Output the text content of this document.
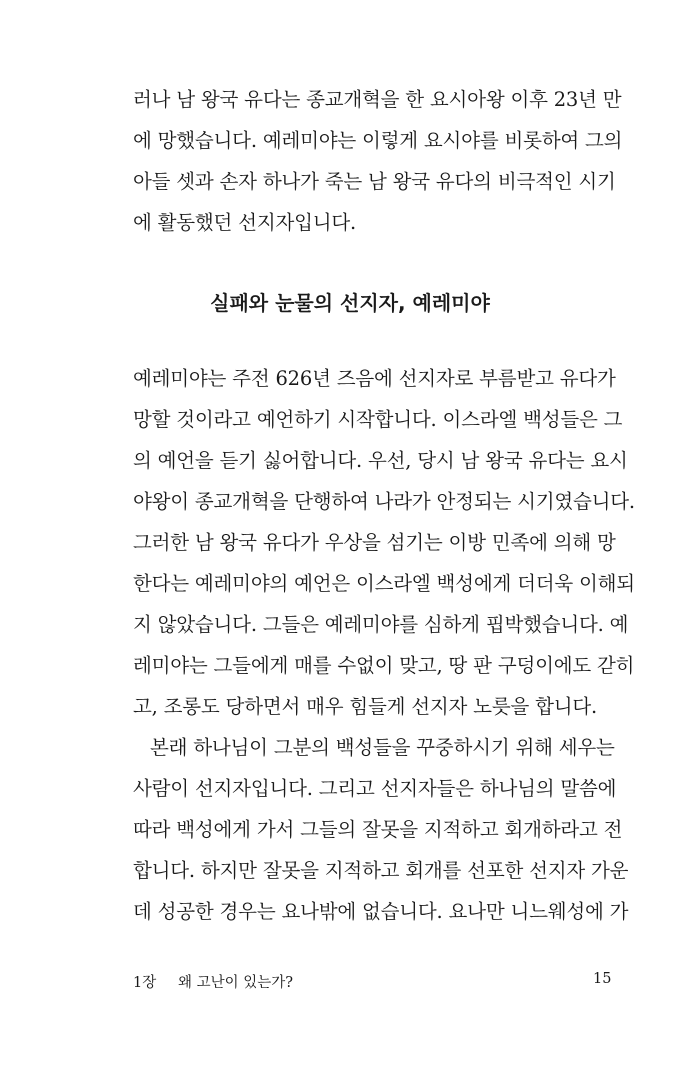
러나 남 왕국 유다는 종교개혁을 한 요시아왕 이후 23년 만
에 망했습니다. 예레미야는 이렇게 요시야를 비롯하여 그의
아들 셋과 손자 하나가 죽는 남 왕국 유다의 비극적인 시기
에 활동했던 선지자입니다.
실패와 눈물의 선지자, 예레미야
예레미야는 주전 626년 즈음에 선지자로 부름받고 유다가
망할 것이라고 예언하기 시작합니다. 이스라엘 백성들은 그
의 예언을 듣기 싫어합니다. 우선, 당시 남 왕국 유다는 요시
야왕이 종교개혁을 단행하여 나라가 안정되는 시기였습니다.
그러한 남 왕국 유다가 우상을 섬기는 이방 민족에 의해 망
한다는 예레미야의 예언은 이스라엘 백성에게 더더욱 이해되
지 않았습니다. 그들은 예레미야를 심하게 핍박했습니다. 예
레미야는 그들에게 매를 수없이 맞고, 땅 판 구덩이에도 갇히
고, 조롱도 당하면서 매우 힘들게 선지자 노릇을 합니다.
본래 하나님이 그분의 백성들을 꾸중하시기 위해 세우는
사람이 선지자입니다. 그리고 선지자들은 하나님의 말씀에
따라 백성에게 가서 그들의 잘못을 지적하고 회개하라고 전
합니다. 하지만 잘못을 지적하고 회개를 선포한 선지자 가운
데 성공한 경우는 요나밖에 없습니다. 요나만 니느웨성에 가
1장 왜 고난이 있는가?	15
